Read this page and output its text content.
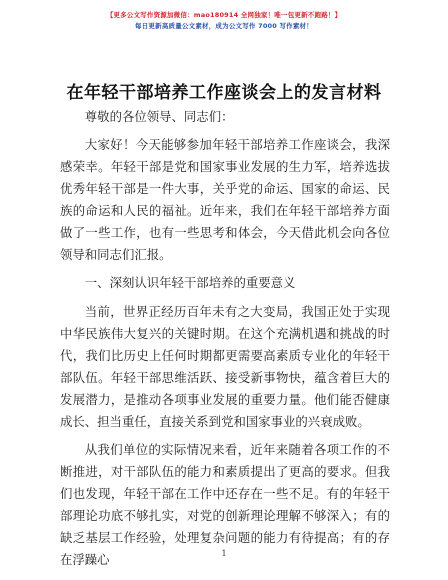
【更多公文写作资源加微信：mao180914 全网独家！唯一包更新不跑路！】
每日更新高质量公文素材，成为公文写作 7000 写作素材！
在年轻干部培养工作座谈会上的发言材料

尊敬的各位领导、同志们：

大家好！今天能够参加年轻干部培养工作座谈会，我深感荣幸。年轻干部是党和国家事业发展的生力军，培养选拔优秀年轻干部是一件大事，关乎党的命运、国家的命运、民族的命运和人民的福祉。近年来，我们在年轻干部培养方面做了一些工作，也有一些思考和体会，今天借此机会向各位领导和同志们汇报。

一、深刻认识年轻干部培养的重要意义

当前，世界正经历百年未有之大变局，我国正处于实现中华民族伟大复兴的关键时期。在这个充满机遇和挑战的时代，我们比历史上任何时期都更需要高素质专业化的年轻干部队伍。年轻干部思维活跃、接受新事物快，蕴含着巨大的发展潜力，是推动各项事业发展的重要力量。他们能否健康成长、担当重任，直接关系到党和国家事业的兴衰成败。

从我们单位的实际情况来看，近年来随着各项工作的不断推进，对干部队伍的能力和素质提出了更高的要求。但我们也发现，年轻干部在工作中还存在一些不足。有的年轻干部理论功底不够扎实，对党的创新理论理解不够深入；有的缺乏基层工作经验，处理复杂问题的能力有待提高；有的存在浮躁心	1
